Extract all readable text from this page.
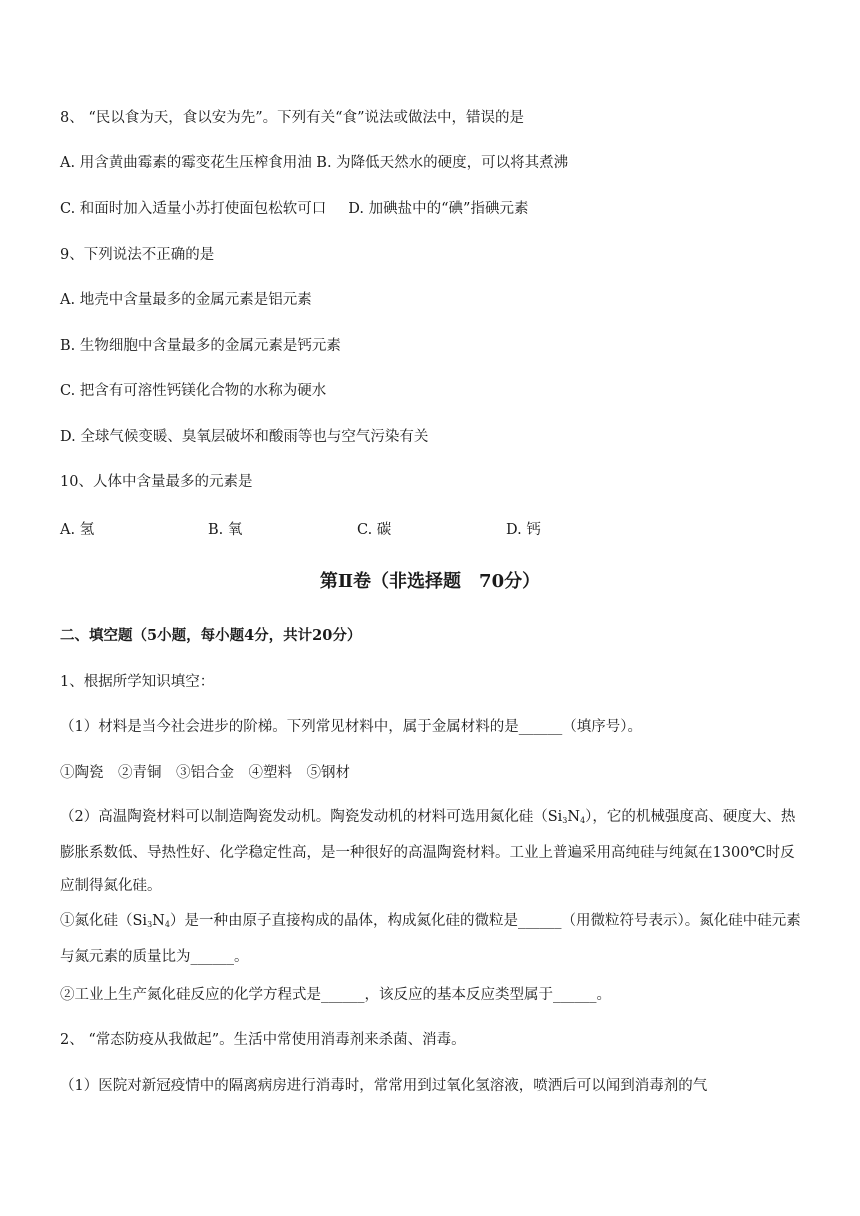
8、 “民以食为天，食以安为先”。下列有关“食”说法或做法中，错误的是
A. 用含黄曲霉素的霉变花生压榨食用油 B. 为降低天然水的硬度，可以将其煮沸
C. 和面时加入适量小苏打使面包松软可口 D. 加碘盐中的“碘”指碘元素
9、下列说法不正确的是
A. 地壳中含量最多的金属元素是铝元素
B. 生物细胞中含量最多的金属元素是钙元素
C. 把含有可溶性钙镁化合物的水称为硬水
D. 全球气候变暖、臭氧层破坏和酸雨等也与空气污染有关
10、人体中含量最多的元素是
A. 氢	B. 氧	C. 碳	D. 钙
第Ⅱ卷（非选择题　70分）
二、填空题（5小题，每小题4分，共计20分）
1、根据所学知识填空：
（1）材料是当今社会进步的阶梯。下列常见材料中，属于金属材料的是______（填序号）。
①陶瓷　②青铜　③铝合金　④塑料　⑤钢材
（2）高温陶瓷材料可以制造陶瓷发动机。陶瓷发动机的材料可选用氮化硅$(Si_3N_4)$，它的机械强度高、硬度大、热膨胀系数低、导热性好、化学稳定性高，是一种很好的高温陶瓷材料。工业上普遍采用高纯硅与纯氮在1300℃时反应制得氮化硅。
①氮化硅$(Si_3N_4)$是一种由原子直接构成的晶体，构成氮化硅的微粒是______（用微粒符号表示）。氮化硅中硅元素与氮元素的质量比为______。
②工业上生产氮化硅反应的化学方程式是______，该反应的基本反应类型属于______。
2、 “常态防疫从我做起”。生活中常使用消毒剂来杀菌、消毒。
（1）医院对新冠疫情中的隔离病房进行消毒时，常常用到过氧化氢溶液，喷洒后可以闻到消毒剂的气
